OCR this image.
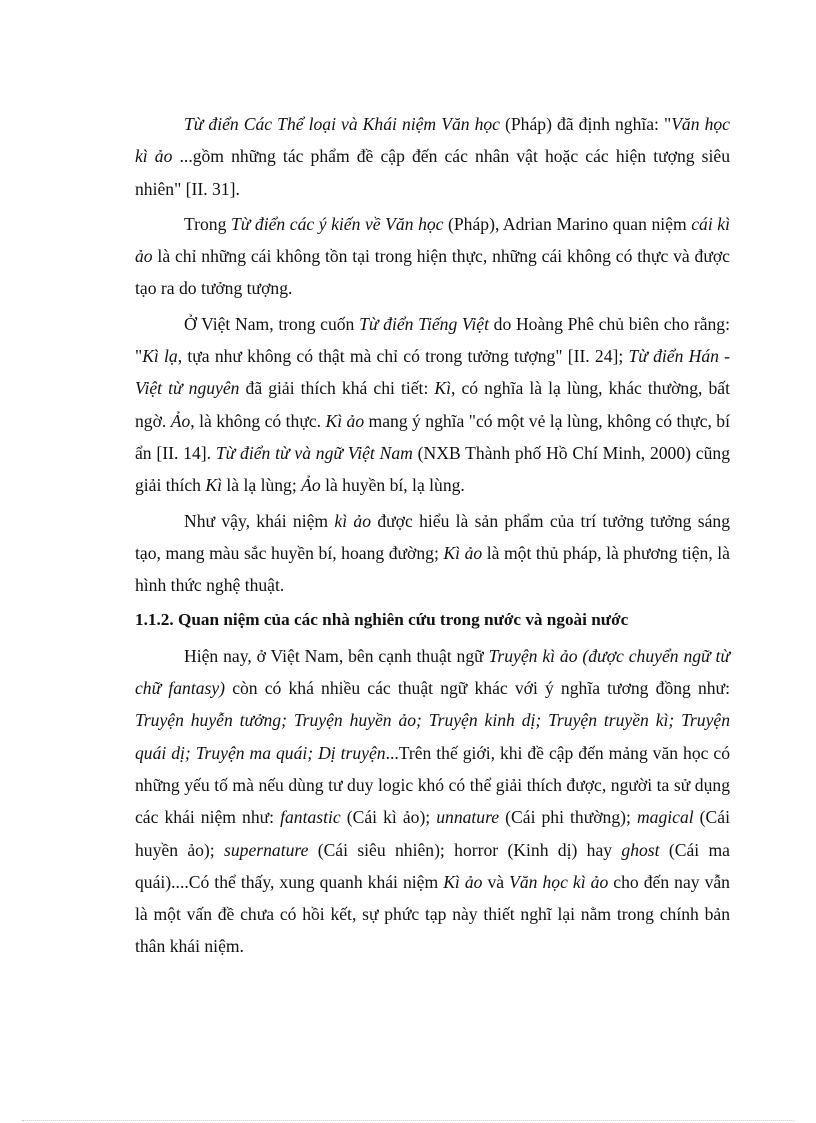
Từ điển Các Thể loại và Khái niệm Văn học (Pháp) đã định nghĩa: "Văn học kì ảo ...gồm những tác phẩm đề cập đến các nhân vật hoặc các hiện tượng siêu nhiên" [II. 31].

Trong Từ điển các ý kiến về Văn học (Pháp), Adrian Marino quan niệm cái kì ảo là chỉ những cái không tồn tại trong hiện thực, những cái không có thực và được tạo ra do tưởng tượng.

Ở Việt Nam, trong cuốn Từ điển Tiếng Việt do Hoàng Phê chủ biên cho rằng: "Kì lạ, tựa như không có thật mà chỉ có trong tưởng tượng" [II. 24]; Từ điển Hán - Việt từ nguyên đã giải thích khá chi tiết: Kì, có nghĩa là lạ lùng, khác thường, bất ngờ. Ảo, là không có thực. Kì ảo mang ý nghĩa "có một vẻ lạ lùng, không có thực, bí ẩn [II. 14]. Từ điển từ và ngữ Việt Nam (NXB Thành phố Hồ Chí Minh, 2000) cũng giải thích Kì là lạ lùng; Ảo là huyền bí, lạ lùng.

Như vậy, khái niệm kì ảo được hiểu là sản phẩm của trí tưởng tưởng sáng tạo, mang màu sắc huyền bí, hoang đường; Kì ảo là một thủ pháp, là phương tiện, là hình thức nghệ thuật.

1.1.2. Quan niệm của các nhà nghiên cứu trong nước và ngoài nước

Hiện nay, ở Việt Nam, bên cạnh thuật ngữ Truyện kì ảo (được chuyển ngữ từ chữ fantasy) còn có khá nhiều các thuật ngữ khác với ý nghĩa tương đồng như: Truyện huyễn tưởng; Truyện huyền ảo; Truyện kinh dị; Truyện truyền kì; Truyện quái dị; Truyện ma quái; Dị truyện...Trên thế giới, khi đề cập đến mảng văn học có những yếu tố mà nếu dùng tư duy logic khó có thể giải thích được, người ta sử dụng các khái niệm như: fantastic (Cái kì ảo); unnature (Cái phi thường); magical (Cái huyền ảo); supernature (Cái siêu nhiên); horror (Kinh dị) hay ghost (Cái ma quái)....Có thể thấy, xung quanh khái niệm Kì ảo và Văn học kì ảo cho đến nay vẫn là một vấn đề chưa có hồi kết, sự phức tạp này thiết nghĩ lại nằm trong chính bản thân khái niệm.
